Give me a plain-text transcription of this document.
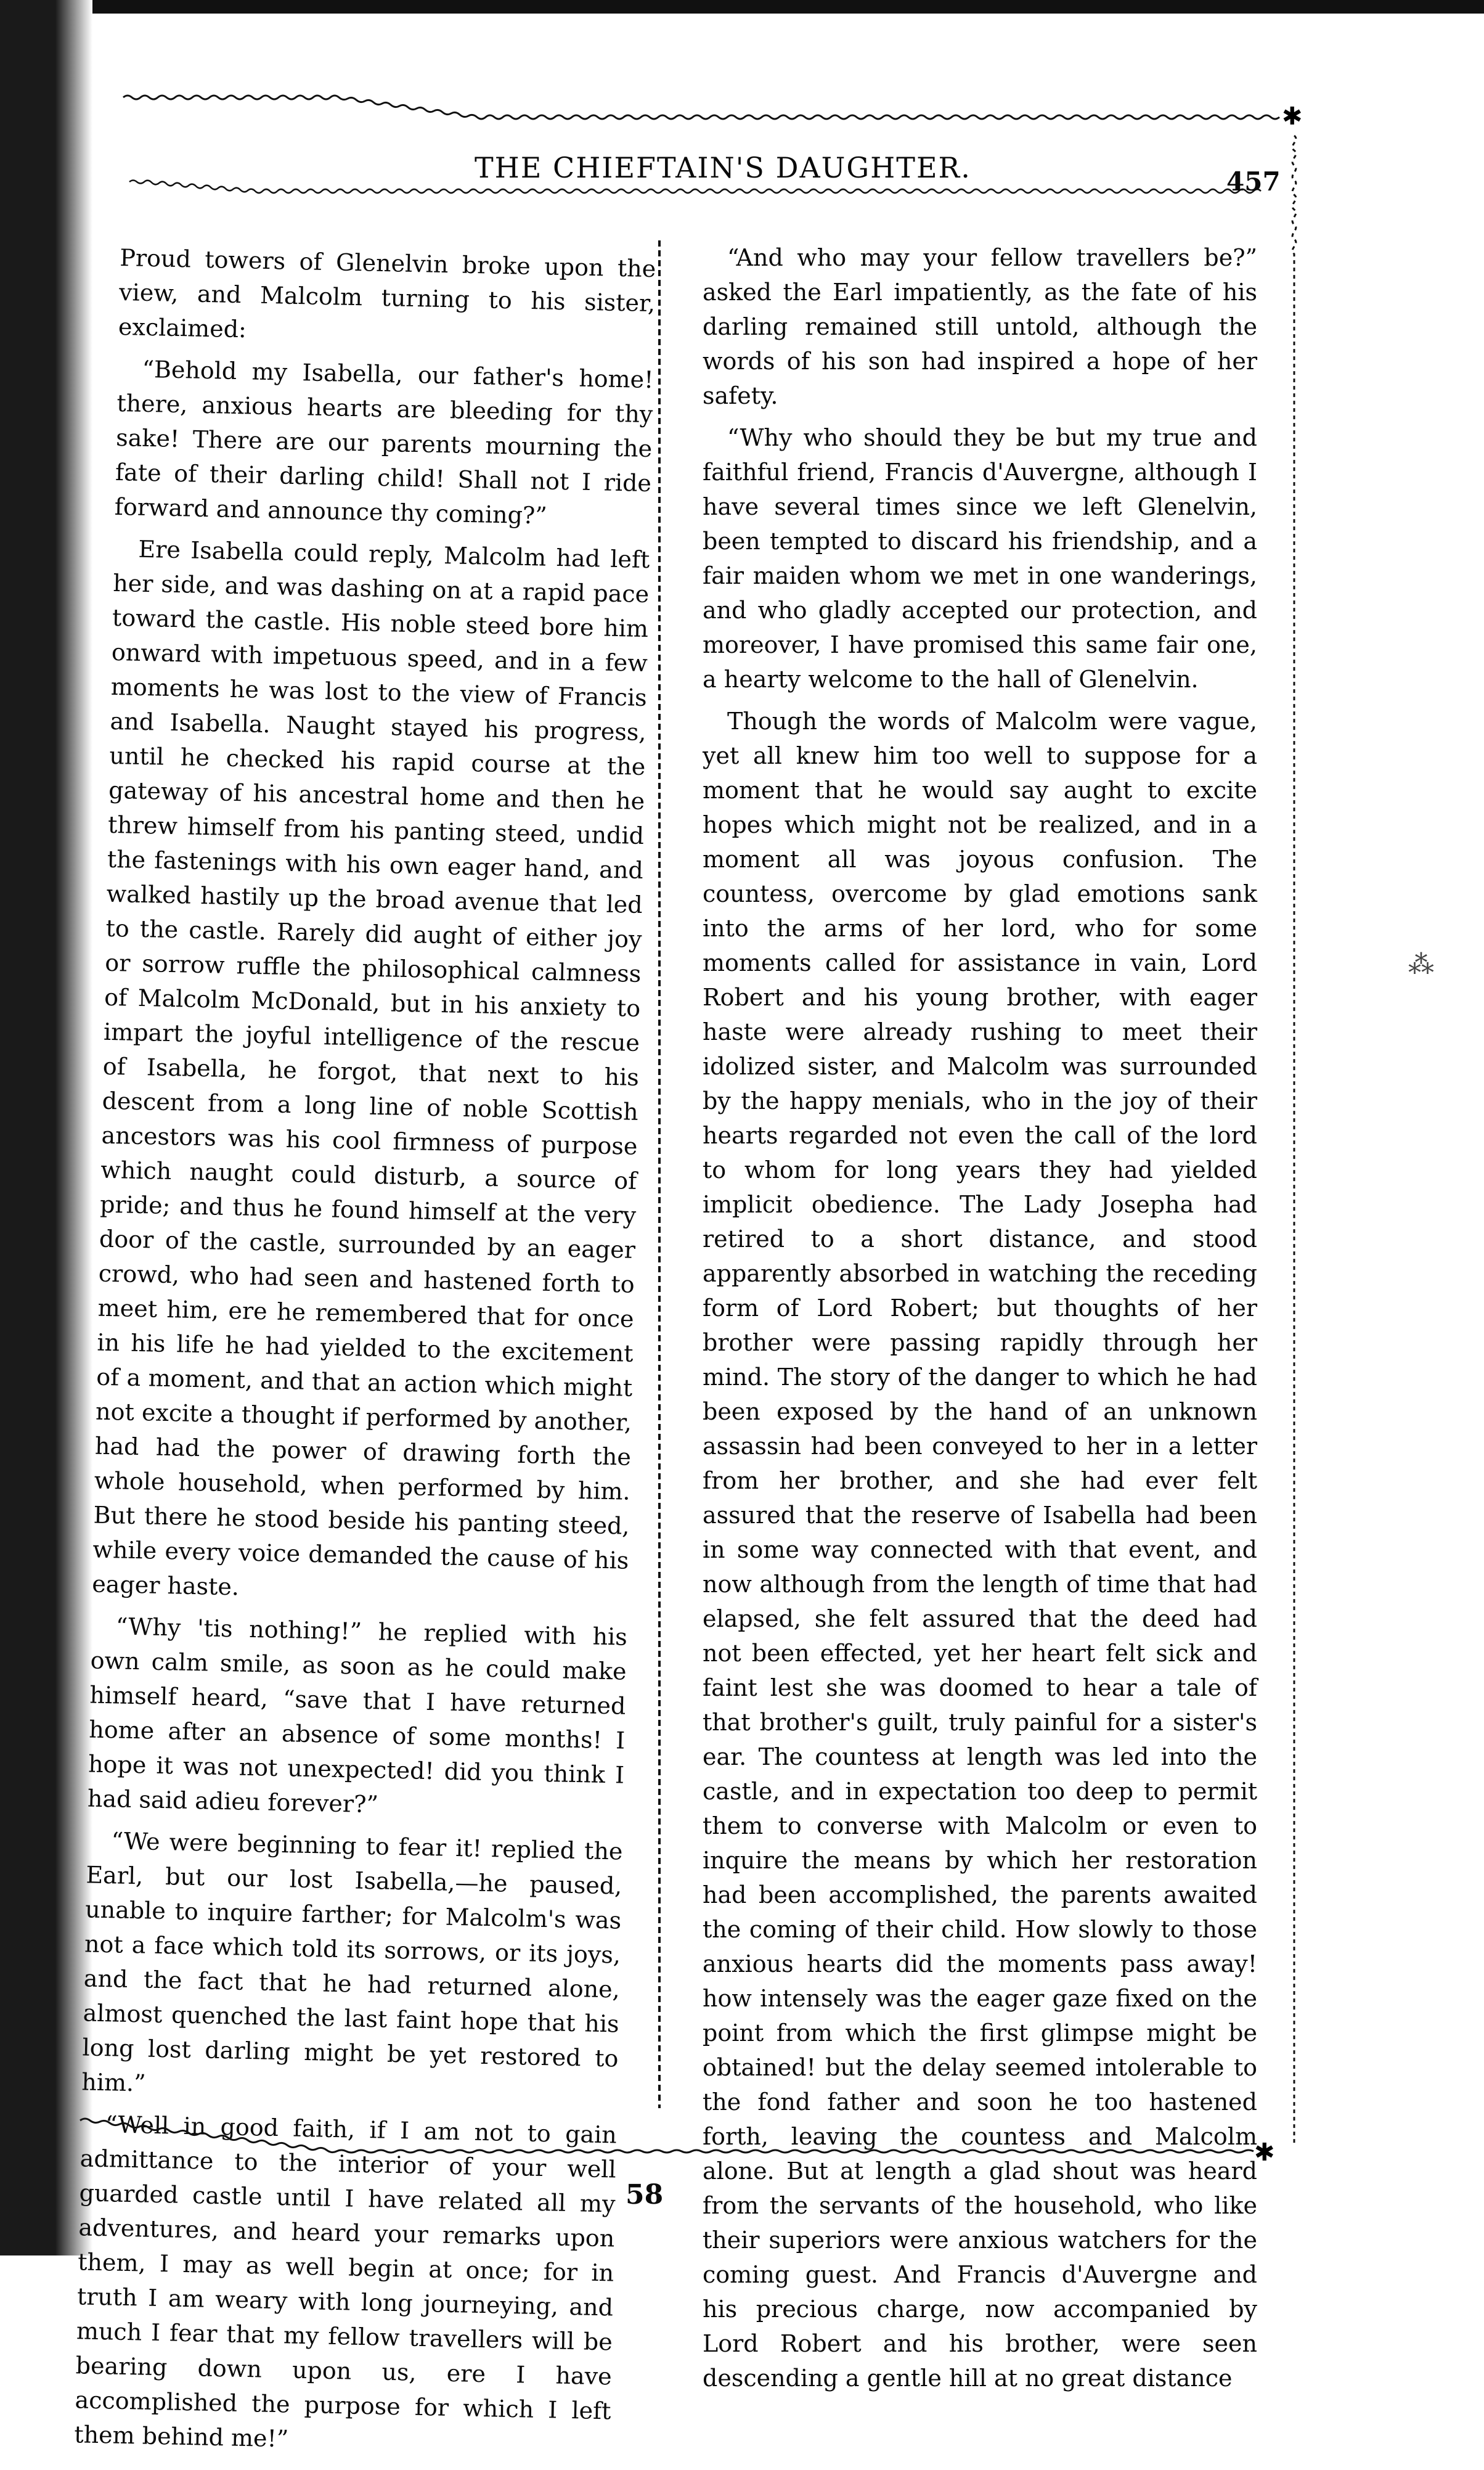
✱
THE CHIEFTAIN'S DAUGHTER.	457

Proud towers of Glenelvin broke upon the view, and Malcolm turning to his sister, exclaimed:

“Behold my Isabella, our father's home! there, anxious hearts are bleeding for thy sake! There are our parents mourning the fate of their darling child! Shall not I ride forward and announce thy coming?”

Ere Isabella could reply, Malcolm had left her side, and was dashing on at a rapid pace toward the castle. His noble steed bore him onward with impetuous speed, and in a few moments he was lost to the view of Francis and Isabella. Naught stayed his progress, until he checked his rapid course at the gateway of his ancestral home and then he threw himself from his panting steed, undid the fastenings with his own eager hand, and walked hastily up the broad avenue that led to the castle. Rarely did aught of either joy or sorrow ruffle the philosophical calmness of Malcolm McDonald, but in his anxiety to impart the joyful intelligence of the rescue of Isabella, he forgot, that next to his descent from a long line of noble Scottish ancestors was his cool firmness of purpose which naught could disturb, a source of pride; and thus he found himself at the very door of the castle, surrounded by an eager crowd, who had seen and hastened forth to meet him, ere he remembered that for once in his life he had yielded to the excitement of a moment, and that an action which might not excite a thought if performed by another, had had the power of drawing forth the whole household, when performed by him. But there he stood beside his panting steed, while every voice demanded the cause of his eager haste.

“Why 'tis nothing!” he replied with his own calm smile, as soon as he could make himself heard, “save that I have returned home after an absence of some months! I hope it was not unexpected! did you think I had said adieu forever?”

“We were beginning to fear it! replied the Earl, but our lost Isabella,—he paused, unable to inquire farther; for Malcolm's was not a face which told its sorrows, or its joys, and the fact that he had returned alone, almost quenched the last faint hope that his long lost darling might be yet restored to him.”

“Well in good faith, if I am not to gain admittance to the interior of your well guarded castle until I have related all my adventures, and heard your remarks upon them, I may as well begin at once; for in truth I am weary with long journeying, and much I fear that my fellow travellers will be bearing down upon us, ere I have accomplished the purpose for which I left them behind me!”

“And who may your fellow travellers be?” asked the Earl impatiently, as the fate of his darling remained still untold, although the words of his son had inspired a hope of her safety.

“Why who should they be but my true and faithful friend, Francis d'Auvergne, although I have several times since we left Glenelvin, been tempted to discard his friendship, and a fair maiden whom we met in one wanderings, and who gladly accepted our protection, and moreover, I have promised this same fair one, a hearty welcome to the hall of Glenelvin.

Though the words of Malcolm were vague, yet all knew him too well to suppose for a moment that he would say aught to excite hopes which might not be realized, and in a moment all was joyous confusion. The countess, overcome by glad emotions sank into the arms of her lord, who for some moments called for assistance in vain, Lord Robert and his young brother, with eager haste were already rushing to meet their idolized sister, and Malcolm was surrounded by the happy menials, who in the joy of their hearts regarded not even the call of the lord to whom for long years they had yielded implicit obedience. The Lady Josepha had retired to a short distance, and stood apparently absorbed in watching the receding form of Lord Robert; but thoughts of her brother were passing rapidly through her mind. The story of the danger to which he had been exposed by the hand of an unknown assassin had been conveyed to her in a letter from her brother, and she had ever felt assured that the reserve of Isabella had been in some way connected with that event, and now although from the length of time that had elapsed, she felt assured that the deed had not been effected, yet her heart felt sick and faint lest she was doomed to hear a tale of that brother's guilt, truly painful for a sister's ear. The countess at length was led into the castle, and in expectation too deep to permit them to converse with Malcolm or even to inquire the means by which her restoration had been accomplished, the parents awaited the coming of their child. How slowly to those anxious hearts did the moments pass away! how intensely was the eager gaze fixed on the point from which the first glimpse might be obtained! but the delay seemed intolerable to the fond father and soon he too hastened forth, leaving the countess and Malcolm alone. But at length a glad shout was heard from the servants of the household, who like their superiors were anxious watchers for the coming guest. And Francis d'Auvergne and his precious charge, now accompanied by Lord Robert and his brother, were seen descending a gentle hill at no great distance

✱
58
⁂
